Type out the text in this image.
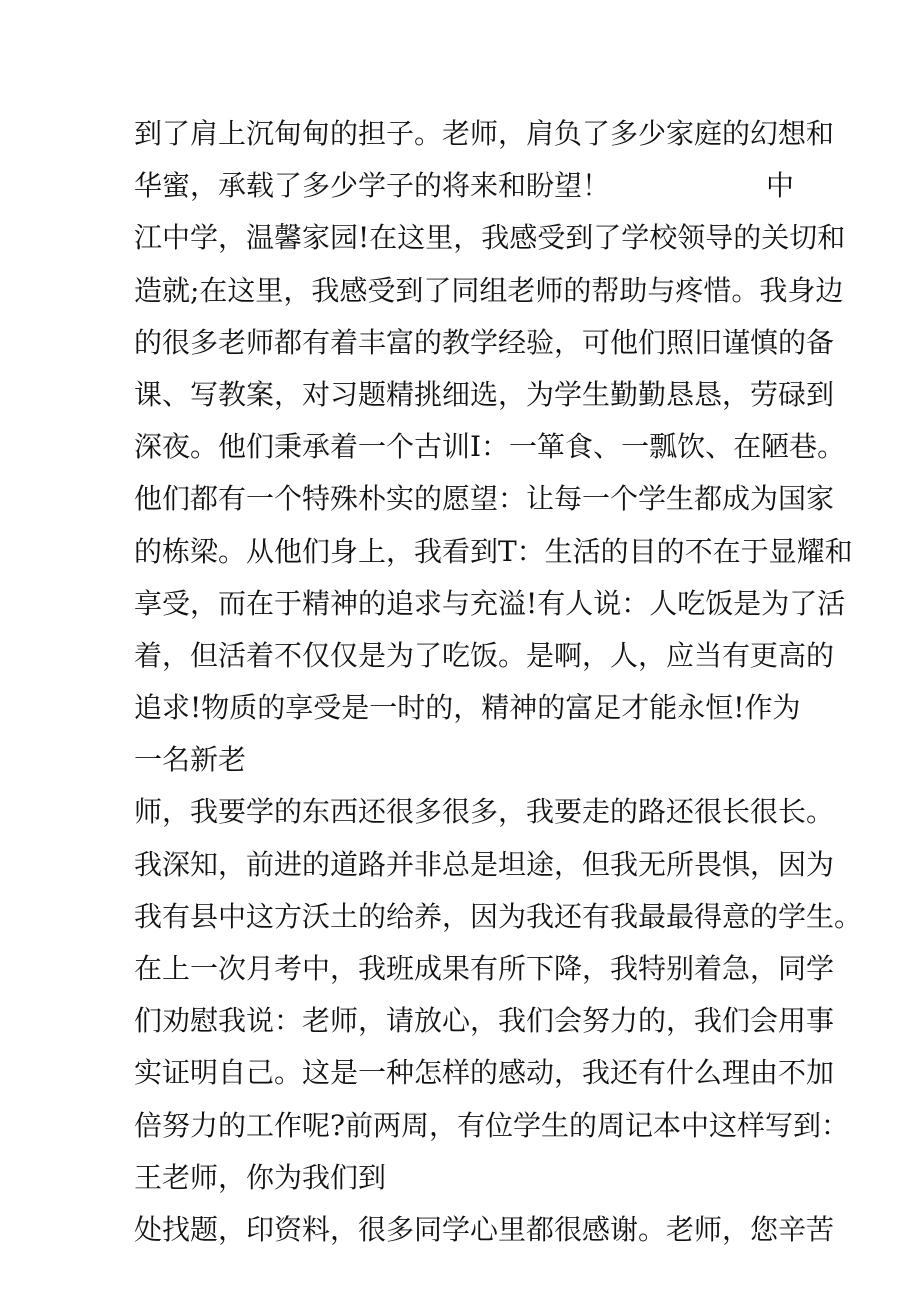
到了肩上沉甸甸的担子。老师，肩负了多少家庭的幻想和
华蜜，承载了多少学子的将来和盼望！	中
江中学，温馨家园!在这里，我感受到了学校领导的关切和
造就;在这里，我感受到了同组老师的帮助与疼惜。我身边
的很多老师都有着丰富的教学经验，可他们照旧谨慎的备
课、写教案，对习题精挑细选，为学生勤勤恳恳，劳碌到
深夜。他们秉承着一个古训I：一箪食、一瓢饮、在陋巷。
他们都有一个特殊朴实的愿望：让每一个学生都成为国家
的栋梁。从他们身上，我看到T：生活的目的不在于显耀和
享受，而在于精神的追求与充溢!有人说：人吃饭是为了活
着，但活着不仅仅是为了吃饭。是啊，人，应当有更高的
追求!物质的享受是一时的，精神的富足才能永恒! 作为
一名新老
师，我要学的东西还很多很多，我要走的路还很长很长。
我深知，前进的道路并非总是坦途，但我无所畏惧，因为
我有县中这方沃土的给养，因为我还有我最最得意的学生。
在上一次月考中，我班成果有所下降，我特别着急，同学
们劝慰我说：老师，请放心，我们会努力的，我们会用事
实证明自己。这是一种怎样的感动，我还有什么理由不加
倍努力的工作呢?前两周，有位学生的周记本中这样写到：
王老师，你为我们到
处找题，印资料，很多同学心里都很感谢。老师，您辛苦
